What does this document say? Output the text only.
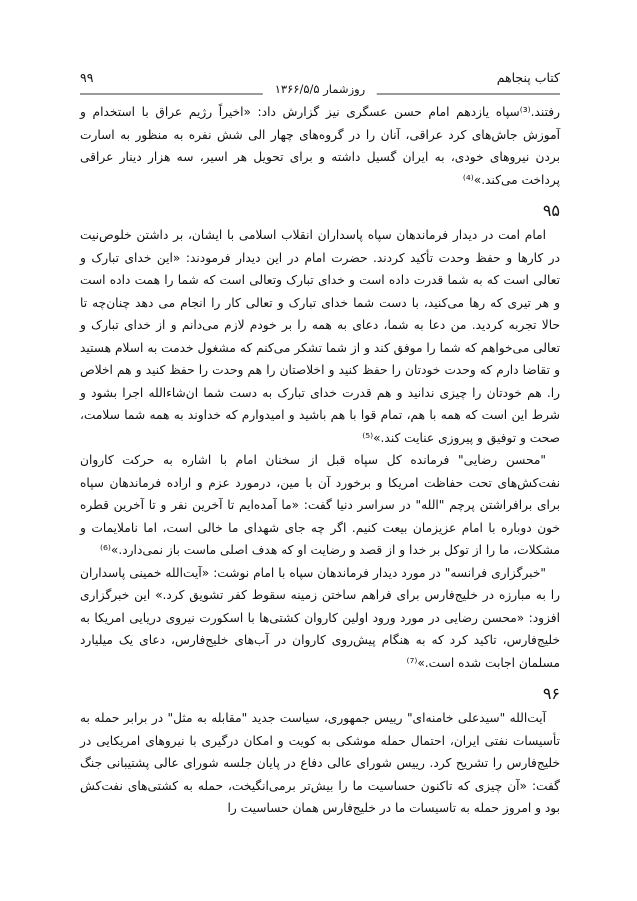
کتاب پنجاهم
۹۹
روزشمار ۱۳۶۶/۵/۵

رفتند.⁽³⁾سپاه یازدهم امام حسن عسگری نیز گزارش داد: «اخیراً رژیم عراق با استخدام و آموزش جاش‌های کرد عراقی، آنان را در گروه‌های چهار الی شش نفره به منظور به اسارت بردن نیروهای خودی، به ایران گسیل داشته و برای تحویل هر اسیر، سه هزار دینار عراقی پرداخت می‌کند.»⁽⁴⁾

۹۵

امام امت در دیدار فرماندهان سپاه پاسداران انقلاب اسلامی با ایشان، بر داشتن خلوص‌نیت در کارها و حفظ وحدت تأکید کردند. حضرت امام در این دیدار فرمودند: «این خدای تبارک و تعالی است که به شما قدرت داده است و خدای تبارک وتعالی است که شما را همت داده است و هر تیری که رها می‌کنید، با دست شما خدای تبارک و تعالی کار را انجام می دهد چنان‌چه تا حالا تجربه کردید. من دعا به شما، دعای به همه را بر خودم لازم می‌دانم و از خدای تبارک و تعالی می‌خواهم که شما را موفق کند و از شما تشکر می‌کنم که مشغول خدمت به اسلام هستید و تقاضا دارم که وحدت خودتان را حفظ کنید و اخلاصتان را هم وحدت را حفظ کنید و هم اخلاص را. هم خودتان را چیزی ندانید و هم قدرت خدای تبارک به دست شما ان‌شاءالله اجرا بشود و شرط این است که همه با هم، تمام قوا با هم باشید و امیدوارم که خداوند به همه شما سلامت، صحت و توفیق و پیروزی عنایت کند.»⁽⁵⁾

"محسن رضایی" فرمانده کل سپاه قبل از سخنان امام با اشاره به حرکت کاروان نفت‌کش‌های تحت حفاظت امریکا و برخورد آن با مین، درمورد عزم و اراده فرماندهان سپاه برای برافراشتن پرچم "الله" در سراسر دنیا گفت: «ما آمده‌ایم تا آخرین نفر و تا آخرین قطره خون دوباره با امام عزیزمان بیعت کنیم. اگر چه جای شهدای ما خالی است، اما ناملایمات و مشکلات، ما را از توکل بر خدا و از قصد و رضایت او که هدف اصلی ماست باز نمی‌دارد.»⁽⁶⁾

"خبرگزاری فرانسه" در مورد دیدار فرماندهان سپاه با امام نوشت: «آیت‌الله خمینی پاسداران را به مبارزه در خلیج‌فارس برای فراهم ساختن زمینه سقوط کفر تشویق کرد.» این خبرگزاری افزود: «محسن رضایی در مورد ورود اولین کاروان کشتی‌ها با اسکورت نیروی دریایی امریکا به خلیج‌فارس، تاکید کرد که به هنگام پیش‌روی کاروان در آب‌های خلیج‌فارس، دعای یک میلیارد مسلمان اجابت شده است.»⁽⁷⁾

۹۶

آیت‌الله "سیدعلی خامنه‌ای" رییس جمهوری، سیاست جدید "مقابله به مثل" در برابر حمله به تأسیسات نفتی ایران، احتمال حمله موشکی به کویت و امکان درگیری با نیروهای امریکایی در خلیج‌فارس را تشریح کرد. رییس شورای عالی دفاع در پایان جلسه شورای عالی پشتیبانی جنگ گفت: «آن چیزی که تاکنون حساسیت ما را بیش‌تر برمی‌انگیخت، حمله به کشتی‌های نفت‌کش بود و امروز حمله به تاسیسات ما در خلیج‌فارس همان حساسیت را
